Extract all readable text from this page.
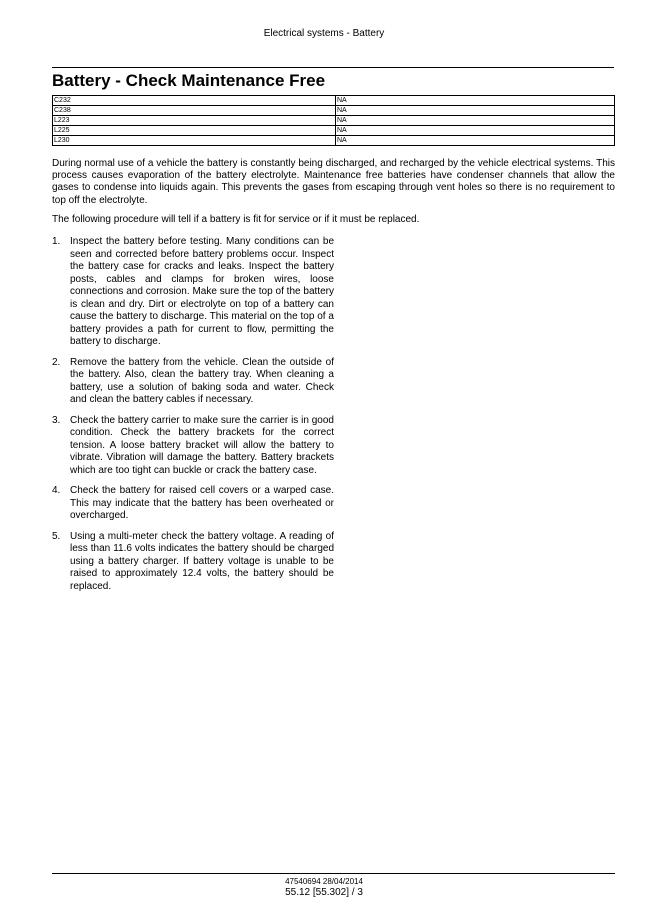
Electrical systems - Battery
Battery - Check Maintenance Free
C232	NA
C238	NA
L223	NA
L225	NA
L230	NA

During normal use of a vehicle the battery is constantly being discharged, and recharged by the vehicle electrical systems. This process causes evaporation of the battery electrolyte. Maintenance free batteries have condenser channels that allow the gases to condense into liquids again. This prevents the gases from escaping through vent holes so there is no requirement to top off the electrolyte.

The following procedure will tell if a battery is fit for service or if it must be replaced.

1. Inspect the battery before testing. Many conditions can be seen and corrected before battery problems occur. Inspect the battery case for cracks and leaks. Inspect the battery posts, cables and clamps for broken wires, loose connections and corrosion. Make sure the top of the battery is clean and dry. Dirt or electrolyte on top of a battery can cause the battery to discharge. This material on the top of a battery provides a path for current to flow, permitting the battery to discharge.
2. Remove the battery from the vehicle. Clean the outside of the battery. Also, clean the battery tray. When cleaning a battery, use a solution of baking soda and water. Check and clean the battery cables if necessary.
3. Check the battery carrier to make sure the carrier is in good condition. Check the battery brackets for the correct tension. A loose battery bracket will allow the battery to vibrate. Vibration will damage the battery. Battery brackets which are too tight can buckle or crack the battery case.
4. Check the battery for raised cell covers or a warped case. This may indicate that the battery has been overheated or overcharged.
5. Using a multi-meter check the battery voltage. A reading of less than 11.6 volts indicates the battery should be charged using a battery charger. If battery voltage is unable to be raised to approximately 12.4 volts, the battery should be replaced.
47540694 28/04/2014
55.12 [55.302] / 3
